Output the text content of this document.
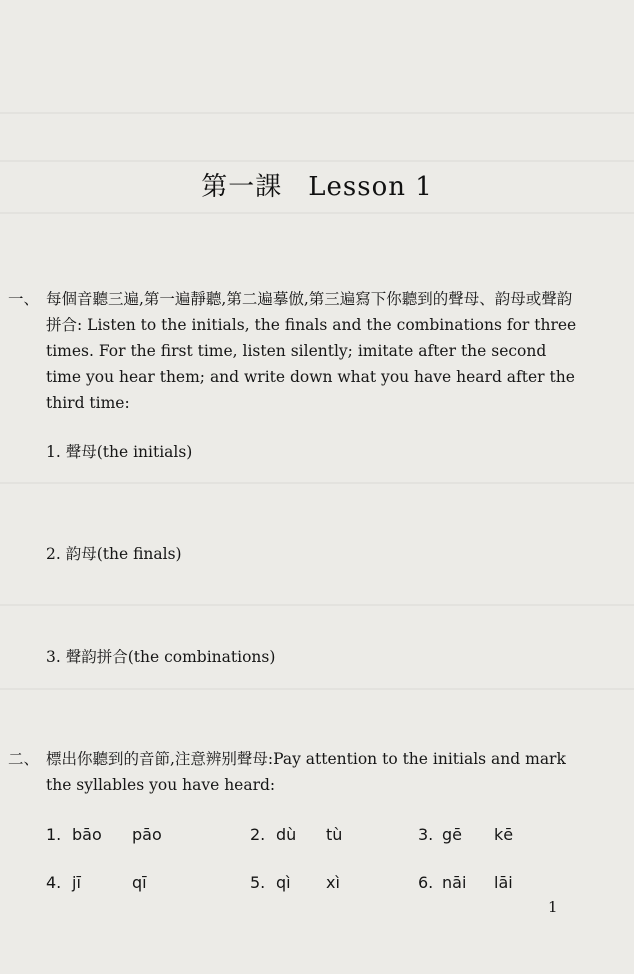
第一課 Lesson 1
一、 每個音聽三遍,第一遍靜聽,第二遍摹倣,第三遍寫下你聽到的聲母、韵母或聲韵拼合: Listen to the initials, the finals and the combinations for three times. For the first time, listen silently; imitate after the second time you hear them; and write down what you have heard after the third time:
1. 聲母(the initials)
2. 韵母(the finals)
3. 聲韵拼合(the combinations)
二、 標出你聽到的音節,注意辨别聲母:Pay attention to the initials and mark the syllables you have heard:
1. bāo pāo	2. dù tù	3. gē kē
4. jī	qī	5. qì xì	6. nāi lāi
1
